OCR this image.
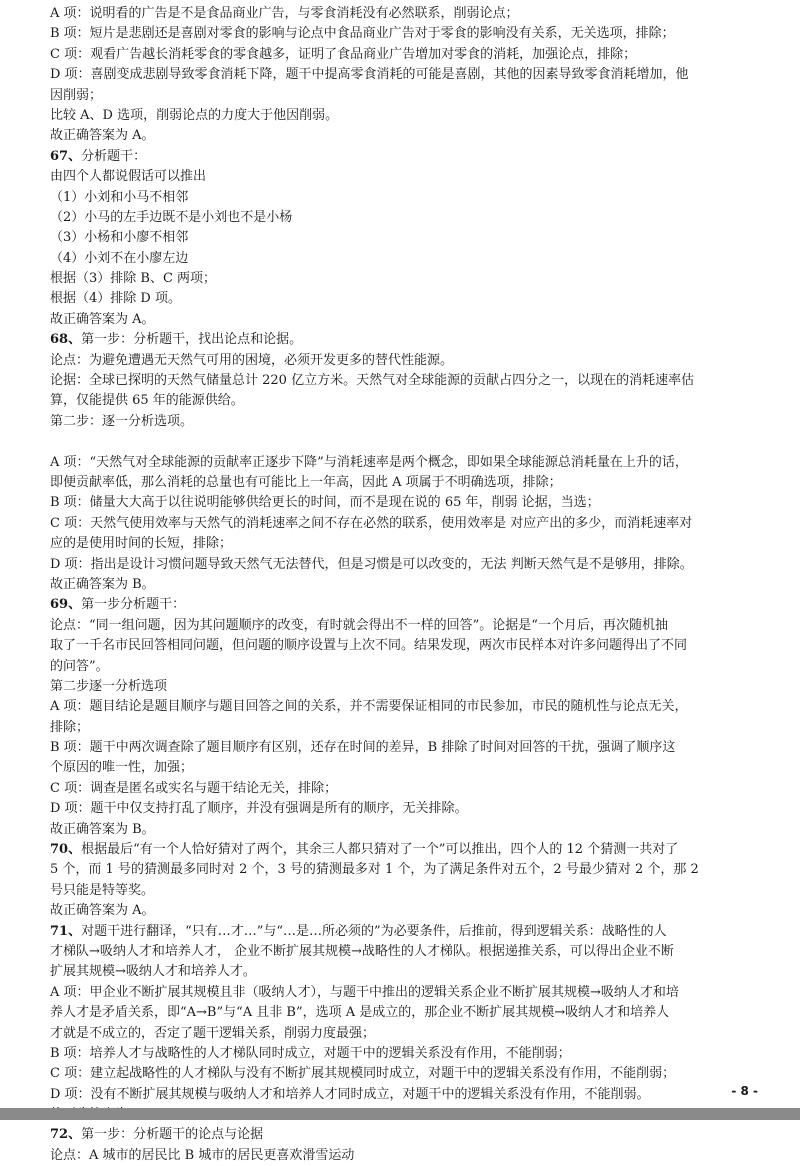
A 项：说明看的广告是不是食品商业广告，与零食消耗没有必然联系，削弱论点；
B 项：短片是悲剧还是喜剧对零食的影响与论点中食品商业广告对于零食的影响没有关系，无关选项，排除；
C 项：观看广告越长消耗零食的零食越多，证明了食品商业广告增加对零食的消耗，加强论点，排除；
D 项：喜剧变成悲剧导致零食消耗下降，题干中提高零食消耗的可能是喜剧，其他的因素导致零食消耗增加，他
因削弱；
比较 A、D 选项，削弱论点的力度大于他因削弱。
故正确答案为 A。
67、分析题干：
由四个人都说假话可以推出
（1）小刘和小马不相邻
（2）小马的左手边既不是小刘也不是小杨
（3）小杨和小廖不相邻
（4）小刘不在小廖左边
根据（3）排除 B、C 两项；
根据（4）排除 D 项。
故正确答案为 A。
68、第一步：分析题干，找出论点和论据。
论点：为避免遭遇无天然气可用的困境，必须开发更多的替代性能源。
论据：全球已探明的天然气储量总计 220 亿立方米。天然气对全球能源的贡献占四分之一，以现在的消耗速率估
算，仅能提供 65 年的能源供给。
第二步：逐一分析选项。
A 项：“天然气对全球能源的贡献率正逐步下降”与消耗速率是两个概念，即如果全球能源总消耗量在上升的话，
即便贡献率低，那么消耗的总量也有可能比上一年高，因此 A 项属于不明确选项，排除；
B 项：储量大大高于以往说明能够供给更长的时间，而不是现在说的 65 年，削弱 论据，当选；
C 项：天然气使用效率与天然气的消耗速率之间不存在必然的联系，使用效率是 对应产出的多少，而消耗速率对
应的是使用时间的长短，排除；
D 项：指出是设计习惯问题导致天然气无法替代，但是习惯是可以改变的，无法 判断天然气是不是够用，排除。
故正确答案为 B。
69、第一步分析题干：
论点：“同一组问题，因为其问题顺序的改变，有时就会得出不一样的回答”。论据是“一个月后，再次随机抽
取了一千名市民回答相同问题，但问题的顺序设置与上次不同。结果发现，两次市民样本对许多问题得出了不同
的问答”。
第二步逐一分析选项
A 项：题目结论是题目顺序与题目回答之间的关系，并不需要保证相同的市民参加，市民的随机性与论点无关，
排除；
B 项：题干中两次调查除了题目顺序有区别，还存在时间的差异，B 排除了时间对回答的干扰，强调了顺序这
个原因的唯一性，加强；
C 项：调查是匿名或实名与题干结论无关，排除；
D 项：题干中仅支持打乱了顺序，并没有强调是所有的顺序，无关排除。
故正确答案为 B。
70、根据最后“有一个人恰好猜对了两个，其余三人都只猜对了一个”可以推出，四个人的 12 个猜测一共对了
5 个，而 1 号的猜测最多同时对 2 个，3 号的猜测最多对 1 个，为了满足条件对五个，2 号最少猜对 2 个，那 2
号只能是特等奖。
故正确答案为 A。
71、对题干进行翻译，“只有…才…”与“…是…所必须的”为必要条件，后推前，得到逻辑关系：战略性的人
才梯队→吸纳人才和培养人才， 企业不断扩展其规模→战略性的人才梯队。根据递推关系，可以得出企业不断
扩展其规模→吸纳人才和培养人才。
A 项：甲企业不断扩展其规模且非（吸纳人才），与题干中推出的逻辑关系企业不断扩展其规模→吸纳人才和培
养人才是矛盾关系，即“A→B”与“A 且非 B”，选项 A 是成立的，那企业不断扩展其规模→吸纳人才和培养人
才就是不成立的，否定了题干逻辑关系，削弱力度最强；
B 项：培养人才与战略性的人才梯队同时成立，对题干中的逻辑关系没有作用，不能削弱；
C 项：建立起战略性的人才梯队与没有不断扩展其规模同时成立，对题干中的逻辑关系没有作用，不能削弱；
D 项：没有不断扩展其规模与吸纳人才和培养人才同时成立，对题干中的逻辑关系没有作用，不能削弱。
72、第一步：分析题干的论点与论据
论点：A 城市的居民比 B 城市的居民更喜欢滑雪运动
- 8 -
